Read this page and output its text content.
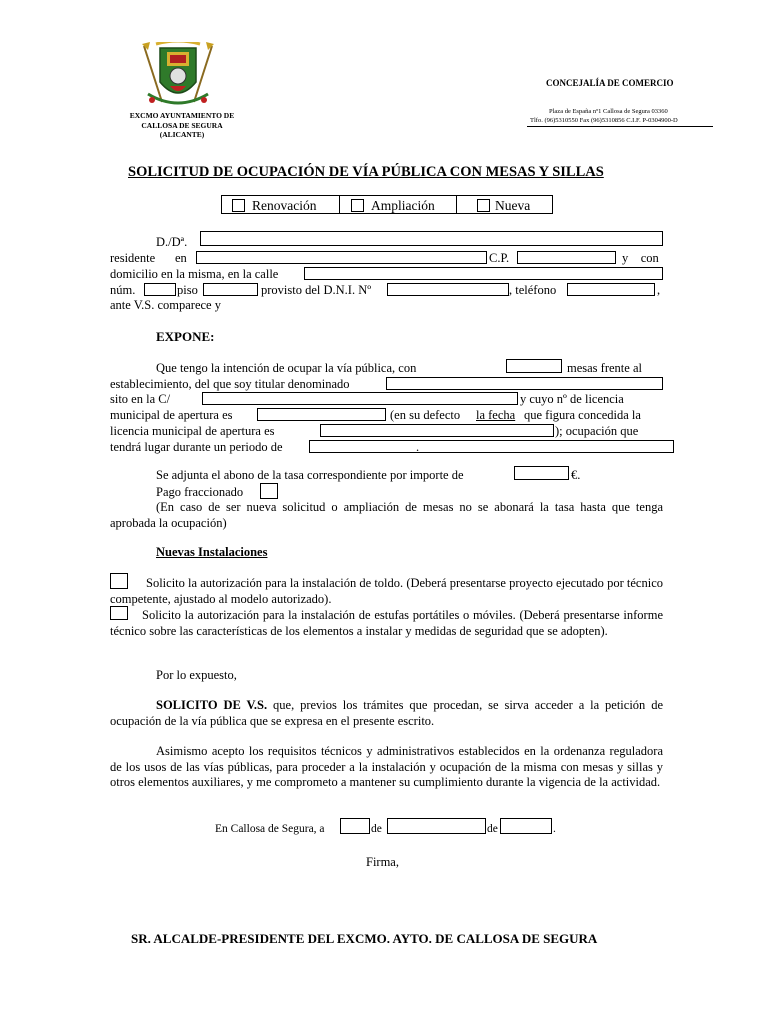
EXCMO AYUNTAMIENTO DE
CALLOSA DE SEGURA
(ALICANTE)
CONCEJALÍA DE COMERCIO
Plaza de España nº1 Callosa de Segura 03360
Tlfo. (96)5310550 Fax (96)5310856 C.I.F. P-0304900-D
SOLICITUD DE OCUPACIÓN DE VÍA PÚBLICA CON MESAS Y SILLAS
Renovación	Ampliación	Nueva
D./Dª.
residente en	C.P.	y    con
domicilio en la misma, en la calle
núm.	piso	provisto del D.N.I. Nº	, teléfono	,
ante V.S. comparece y
EXPONE:
Que tengo la intención de ocupar la vía pública, con	mesas frente al
establecimiento, del que soy titular denominado
sito en la C/	y cuyo nº de licencia
municipal de apertura es	(en su defecto la fecha que figura concedida la
licencia municipal de apertura es	); ocupación que
tendrá lugar durante un periodo de	.
Se adjunta el abono de la tasa correspondiente por importe de	€.
Pago fraccionado
(En caso de ser nueva solicitud o ampliación de mesas no se abonará la tasa hasta que tenga aprobada la ocupación)
Nuevas Instalaciones
Solicito la autorización para la instalación de toldo. (Deberá presentarse proyecto ejecutado por técnico competente, ajustado al modelo autorizado).
Solicito la autorización para la instalación de estufas portátiles o móviles. (Deberá presentarse informe técnico sobre las características de los elementos a instalar y medidas de seguridad que se adopten).
Por lo expuesto,
SOLICITO DE V.S. que, previos los trámites que procedan, se sirva acceder a la petición de ocupación de la vía pública que se expresa en el presente escrito.
Asimismo acepto los requisitos técnicos y administrativos establecidos en la ordenanza reguladora de los usos de las vías públicas, para proceder a la instalación y ocupación de la misma con mesas y sillas y otros elementos auxiliares, y me comprometo a mantener su cumplimiento durante la vigencia de la actividad.
En Callosa de Segura, a	de	de	.
Firma,
SR. ALCALDE-PRESIDENTE DEL EXCMO. AYTO. DE CALLOSA DE SEGURA
